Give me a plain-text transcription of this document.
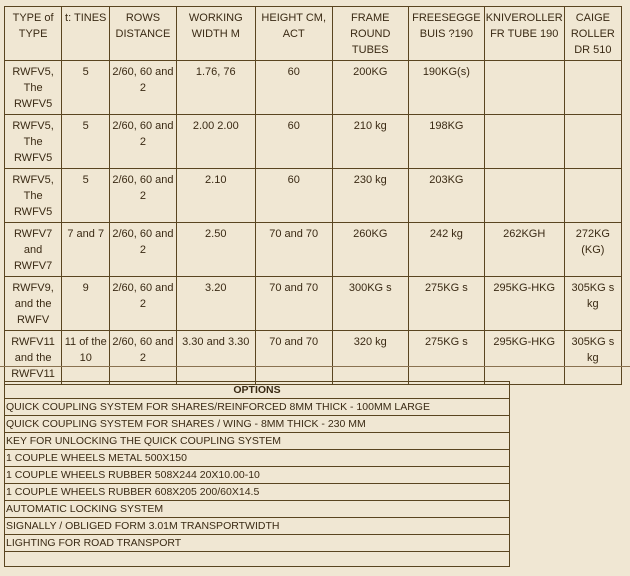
TYPE of TYPE	t: TINES	ROWS DISTANCE	WORKING WIDTH M	HEIGHT CM, ACT	FRAME ROUND TUBES	FREESEGGE BUIS ?190	KNIVEROLLER FR TUBE 190	CAIGE ROLLER DR 510
RWFV5, The RWFV5	5	2/60, 60 and 2	1.76, 76	60	200KG	190KG(s)		
RWFV5, The RWFV5	5	2/60, 60 and 2	2.00 2.00	60	210 kg	198KG		
RWFV5, The RWFV5	5	2/60, 60 and 2	2.10	60	230 kg	203KG		
RWFV7 and RWFV7	7 and 7	2/60, 60 and 2	2.50	70 and 70	260KG	242 kg	262KGH	272KG (KG)
RWFV9, and the RWFV	9	2/60, 60 and 2	3.20	70 and 70	300KG s	275KG s	295KG-HKG	305KG s kg
RWFV11 and the RWFV11	11 of the 10	2/60, 60 and 2	3.30 and 3.30	70 and 70	320 kg	275KG s	295KG-HKG	305KG s kg
OPTIONS
QUICK COUPLING SYSTEM FOR SHARES/REINFORCED 8MM THICK - 100MM LARGE
QUICK COUPLING SYSTEM FOR SHARES / WING - 8MM THICK - 230 MM
KEY FOR UNLOCKING THE QUICK COUPLING SYSTEM
1 COUPLE WHEELS METAL 500X150
1 COUPLE WHEELS RUBBER 508X244 20X10.00-10
1 COUPLE WHEELS RUBBER 608X205 200/60X14.5
AUTOMATIC LOCKING SYSTEM
SIGNALLY / OBLIGED FORM 3.01M TRANSPORTWIDTH
LIGHTING FOR ROAD TRANSPORT
